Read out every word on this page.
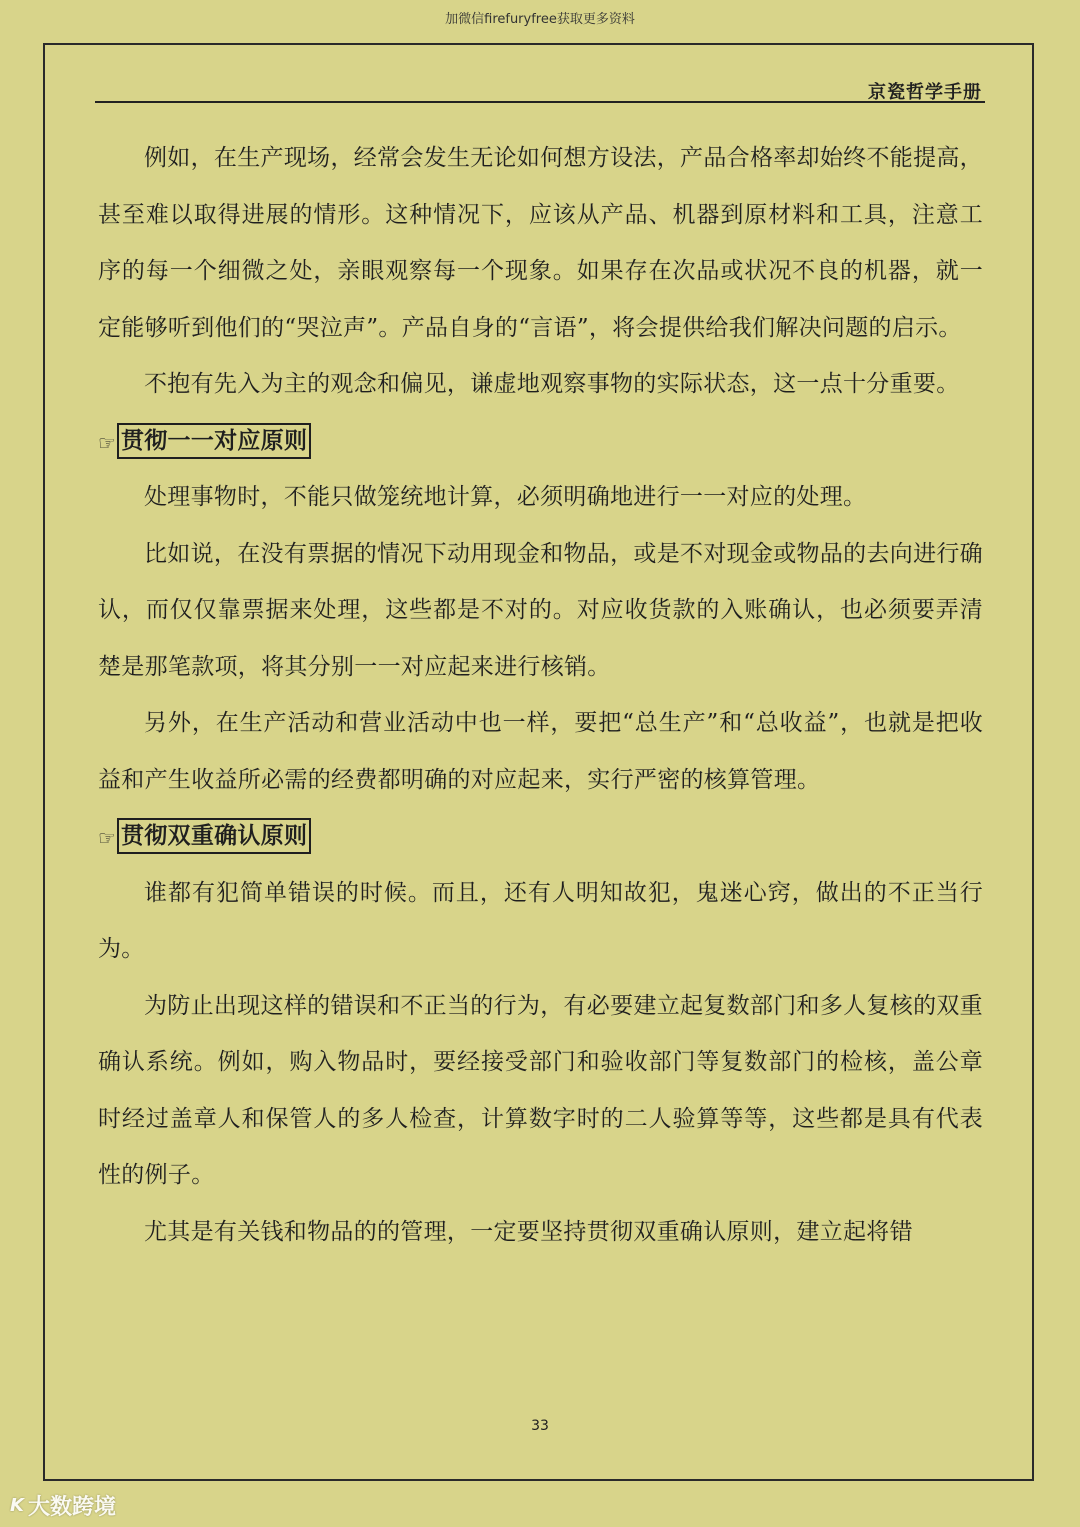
加微信firefuryfree获取更多资料
京瓷哲学手册

例如，在生产现场，经常会发生无论如何想方设法，产品合格率却始终不能提高，甚至难以取得进展的情形。这种情况下，应该从产品、机器到原材料和工具，注意工序的每一个细微之处，亲眼观察每一个现象。如果存在次品或状况不良的机器，就一定能够听到他们的“哭泣声”。产品自身的“言语”，将会提供给我们解决问题的启示。

不抱有先入为主的观念和偏见，谦虚地观察事物的实际状态，这一点十分重要。

☞ 贯彻一一对应原则

处理事物时，不能只做笼统地计算，必须明确地进行一一对应的处理。

比如说，在没有票据的情况下动用现金和物品，或是不对现金或物品的去向进行确认，而仅仅靠票据来处理，这些都是不对的。对应收货款的入账确认，也必须要弄清楚是那笔款项，将其分别一一对应起来进行核销。

另外，在生产活动和营业活动中也一样，要把“总生产”和“总收益”，也就是把收益和产生收益所必需的经费都明确的对应起来，实行严密的核算管理。

☞ 贯彻双重确认原则

谁都有犯简单错误的时候。而且，还有人明知故犯，鬼迷心窍，做出的不正当行为。

为防止出现这样的错误和不正当的行为，有必要建立起复数部门和多人复核的双重确认系统。例如，购入物品时，要经接受部门和验收部门等复数部门的检核，盖公章时经过盖章人和保管人的多人检查，计算数字时的二人验算等等，这些都是具有代表性的例子。

尤其是有关钱和物品的的管理，一定要坚持贯彻双重确认原则，建立起将错

33
K 大数跨境
